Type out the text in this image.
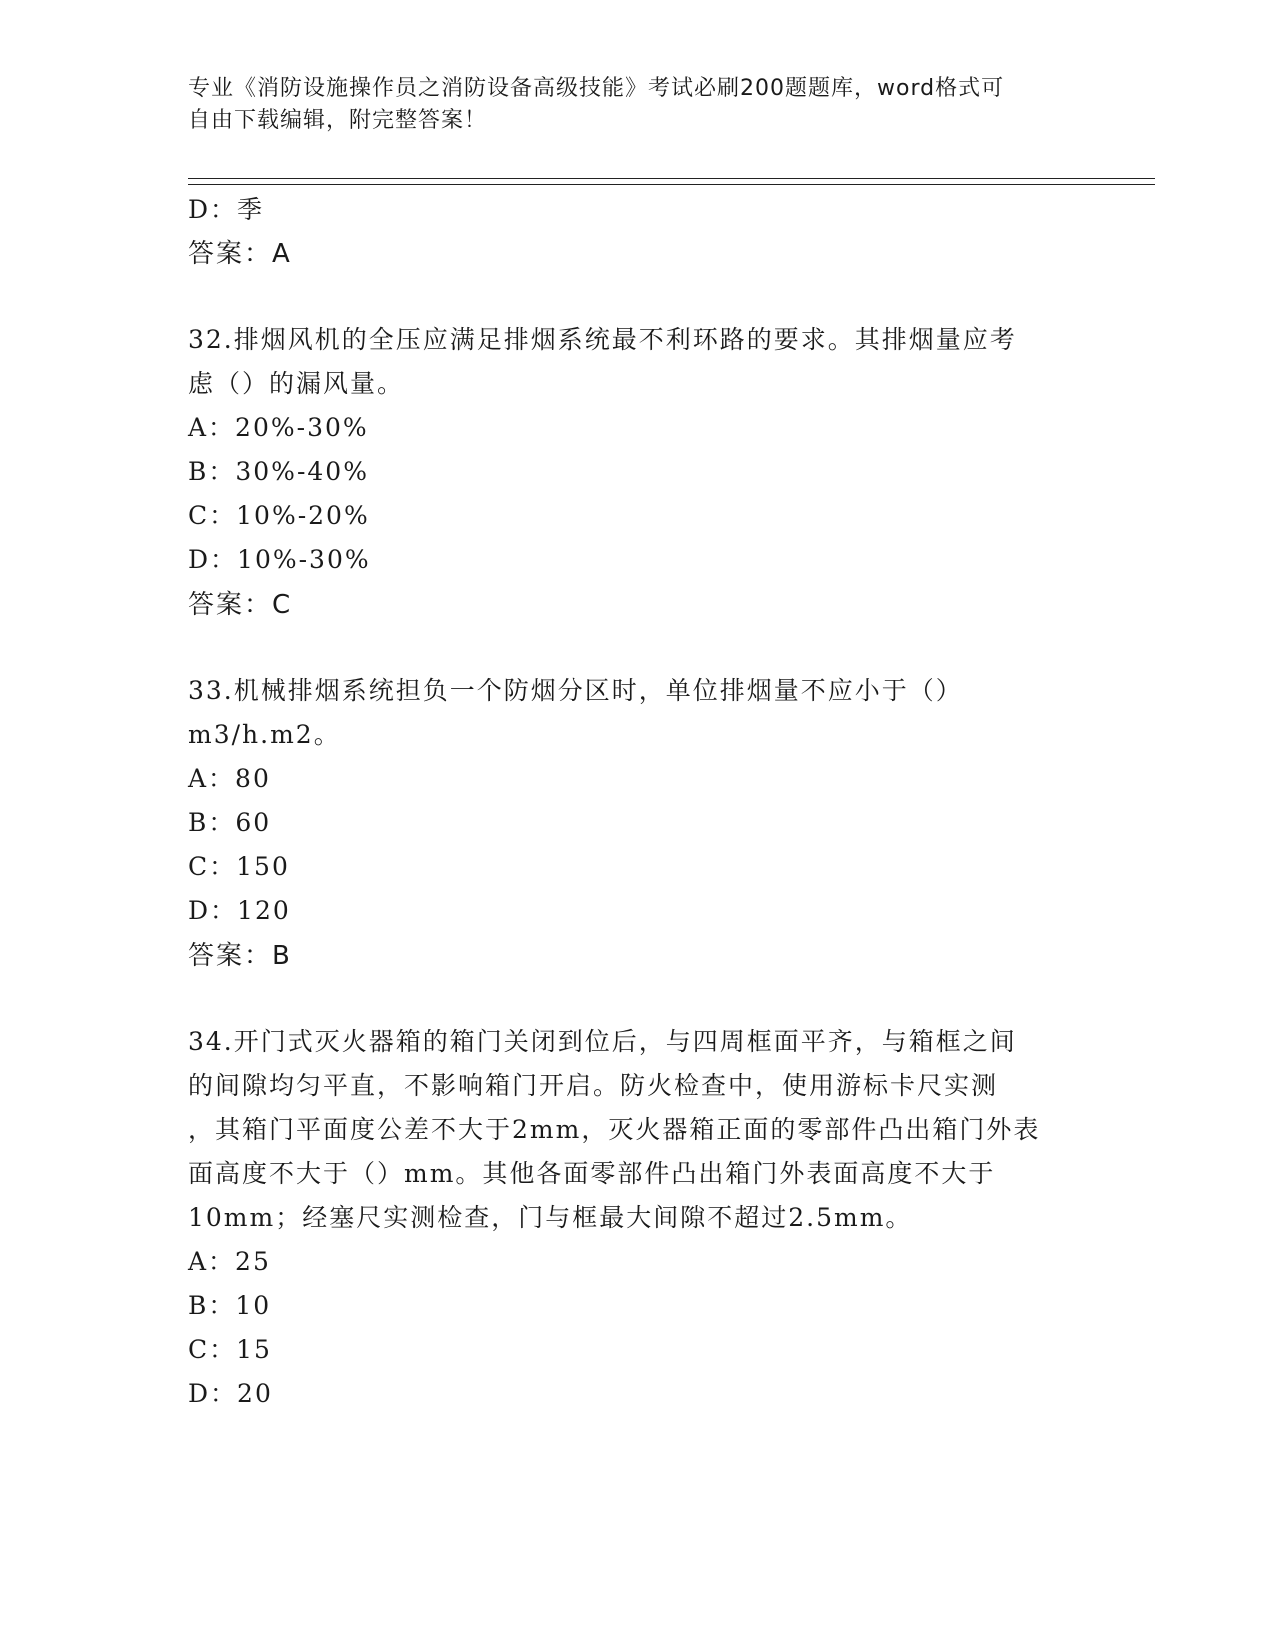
专业《消防设施操作员之消防设备高级技能》考试必刷200题题库，word格式可
自由下载编辑，附完整答案！
D：季
答案：A
32.排烟风机的全压应满足排烟系统最不利环路的要求。其排烟量应考
虑（）的漏风量。
A：20%-30%
B：30%-40%
C：10%-20%
D：10%-30%
答案：C
33.机械排烟系统担负一个防烟分区时，单位排烟量不应小于（）
m3/h.m2。
A：80
B：60
C：150
D：120
答案：B
34.开门式灭火器箱的箱门关闭到位后，与四周框面平齐，与箱框之间
的间隙均匀平直，不影响箱门开启。防火检查中，使用游标卡尺实测
，其箱门平面度公差不大于2mm，灭火器箱正面的零部件凸出箱门外表
面高度不大于（）mm。其他各面零部件凸出箱门外表面高度不大于
10mm；经塞尺实测检查，门与框最大间隙不超过2.5mm。
A：25
B：10
C：15
D：20
